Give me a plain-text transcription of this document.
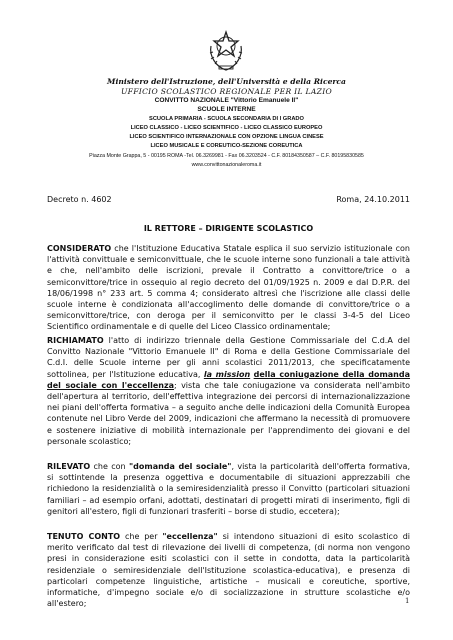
Ministero dell'Istruzione, dell'Università e della Ricerca
UFFICIO SCOLASTICO REGIONALE PER IL LAZIO
CONVITTO NAZIONALE "Vittorio Emanuele II"
SCUOLE INTERNE
SCUOLA PRIMARIA - SCUOLA SECONDARIA DI I GRADO
LICEO CLASSICO - LICEO SCIENTIFICO - LICEO CLASSICO EUROPEO
LICEO SCIENTIFICO INTERNAZIONALE CON OPZIONE LINGUA CINESE
LICEO MUSICALE E COREUTICO-SEZIONE COREUTICA
Piazza Monte Grappa, 5 - 00195 ROMA -Tel. 06.3269981 - Fax 06.3203524 - C.F. 80184350587 – C.F. 80195830585
www.convittonazionaleroma.it
Decreto n. 4602	Roma, 24.10.2011
IL RETTORE – DIRIGENTE SCOLASTICO
CONSIDERATO che l'Istituzione Educativa Statale esplica il suo servizio istituzionale con l'attività convittuale e semiconvittuale, che le scuole interne sono funzionali a tale attività e che, nell'ambito delle iscrizioni, prevale il Contratto a convittore/trice o a semiconvittore/trice in ossequio al regio decreto del 01/09/1925 n. 2009 e dal D.P.R. del 18/06/1998 n° 233 art. 5 comma 4; considerato altresì che l'iscrizione alle classi delle scuole interne è condizionata all'accoglimento delle domande di convittore/trice o a semiconvittore/trice, con deroga per il semiconvitto per le classi 3-4-5 del Liceo Scientifico ordinamentale e di quelle del Liceo Classico ordinamentale;
RICHIAMATO l'atto di indirizzo triennale della Gestione Commissariale del C.d.A del Convitto Nazionale "Vittorio Emanuele II" di Roma e della Gestione Commissariale del C.d.I. delle Scuole interne per gli anni scolastici 2011/2013, che specificatamente sottolinea, per l'Istituzione educativa, la mission della coniugazione della domanda del sociale con l'eccellenza; vista che tale coniugazione va considerata nell'ambito dell'apertura al territorio, dell'effettiva integrazione dei percorsi di internazionalizzazione nei piani dell'offerta formativa – a seguito anche delle indicazioni della Comunità Europea contenute nel Libro Verde del 2009, indicazioni che affermano la necessità di promuovere e sostenere iniziative di mobilità internazionale per l'apprendimento dei giovani e del personale scolastico;
RILEVATO che con "domanda del sociale", vista la particolarità dell'offerta formativa, si sottintende la presenza oggettiva e documentabile di situazioni apprezzabili che richiedono la residenzialità o la semiresidenzialità presso il Convitto (particolari situazioni familiari – ad esempio orfani, adottati, destinatari di progetti mirati di inserimento, figli di genitori all'estero, figli di funzionari trasferiti – borse di studio, eccetera);
TENUTO CONTO che per "eccellenza" si intendono situazioni di esito scolastico di merito verificato dal test di rilevazione dei livelli di competenza, (di norma non vengono presi in considerazione esiti scolastici con il sette in condotta, data la particolarità residenziale o semiresidenziale dell'Istituzione scolastica-educativa), e presenza di particolari competenze linguistiche, artistiche – musicali e coreutiche, sportive, informatiche, d'impegno sociale e/o di socializzazione in strutture scolastiche e/o all'estero;	1
